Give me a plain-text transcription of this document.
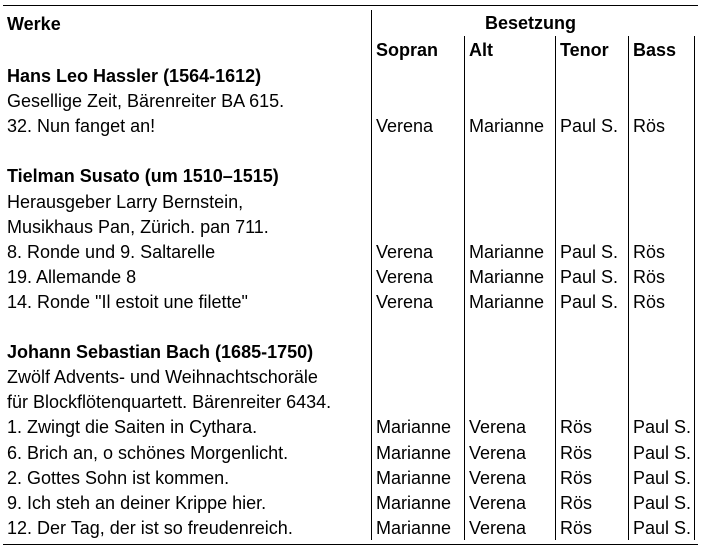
Werke	Besetzung
Sopran Alt	Tenor Bass
Hans Leo Hassler (1564-1612)
Gesellige Zeit, Bärenreiter BA 615.
32. Nun fanget an!	Verena Marianne Paul S. Rös
Tielman Susato (um 1510–1515)
Herausgeber Larry Bernstein,
Musikhaus Pan, Zürich. pan 711.
8. Ronde und 9. Saltarelle	Verena Marianne Paul S. Rös
19. Allemande 8	Verena Marianne Paul S. Rös
14. Ronde "Il estoit une filette"	Verena Marianne Paul S. Rös
Johann Sebastian Bach (1685-1750)
Zwölf Advents- und Weihnachtschoräle
für Blockflötenquartett. Bärenreiter 6434.
1. Zwingt die Saiten in Cythara.	Marianne Verena Rös Paul S.
6. Brich an, o schönes Morgenlicht.	Marianne Verena Rös Paul S.
2. Gottes Sohn ist kommen.	Marianne Verena Rös Paul S.
9. Ich steh an deiner Krippe hier.	Marianne Verena Rös Paul S.
12. Der Tag, der ist so freudenreich.	Marianne Verena Rös Paul S.
